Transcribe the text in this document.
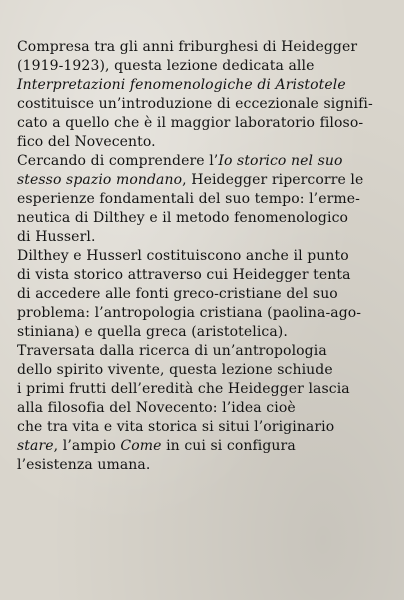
Compresa tra gli anni friburghesi di Heidegger
(1919-1923), questa lezione dedicata alle
Interpretazioni fenomenologiche di Aristotele
costituisce un’introduzione di eccezionale signifi-
cato a quello che è il maggior laboratorio filoso-
fico del Novecento.

Cercando di comprendere l’Io storico nel suo
stesso spazio mondano, Heidegger ripercorre le
esperienze fondamentali del suo tempo: l’erme-
neutica di Dilthey e il metodo fenomenologico
di Husserl.

Dilthey e Husserl costituiscono anche il punto
di vista storico attraverso cui Heidegger tenta
di accedere alle fonti greco-cristiane del suo
problema: l’antropologia cristiana (paolina-ago-
stiniana) e quella greca (aristotelica).

Traversata dalla ricerca di un’antropologia
dello spirito vivente, questa lezione schiude
i primi frutti dell’eredità che Heidegger lascia
alla filosofia del Novecento: l’idea cioè
che tra vita e vita storica si situi l’originario
stare, l’ampio Come in cui si configura
l’esistenza umana.
